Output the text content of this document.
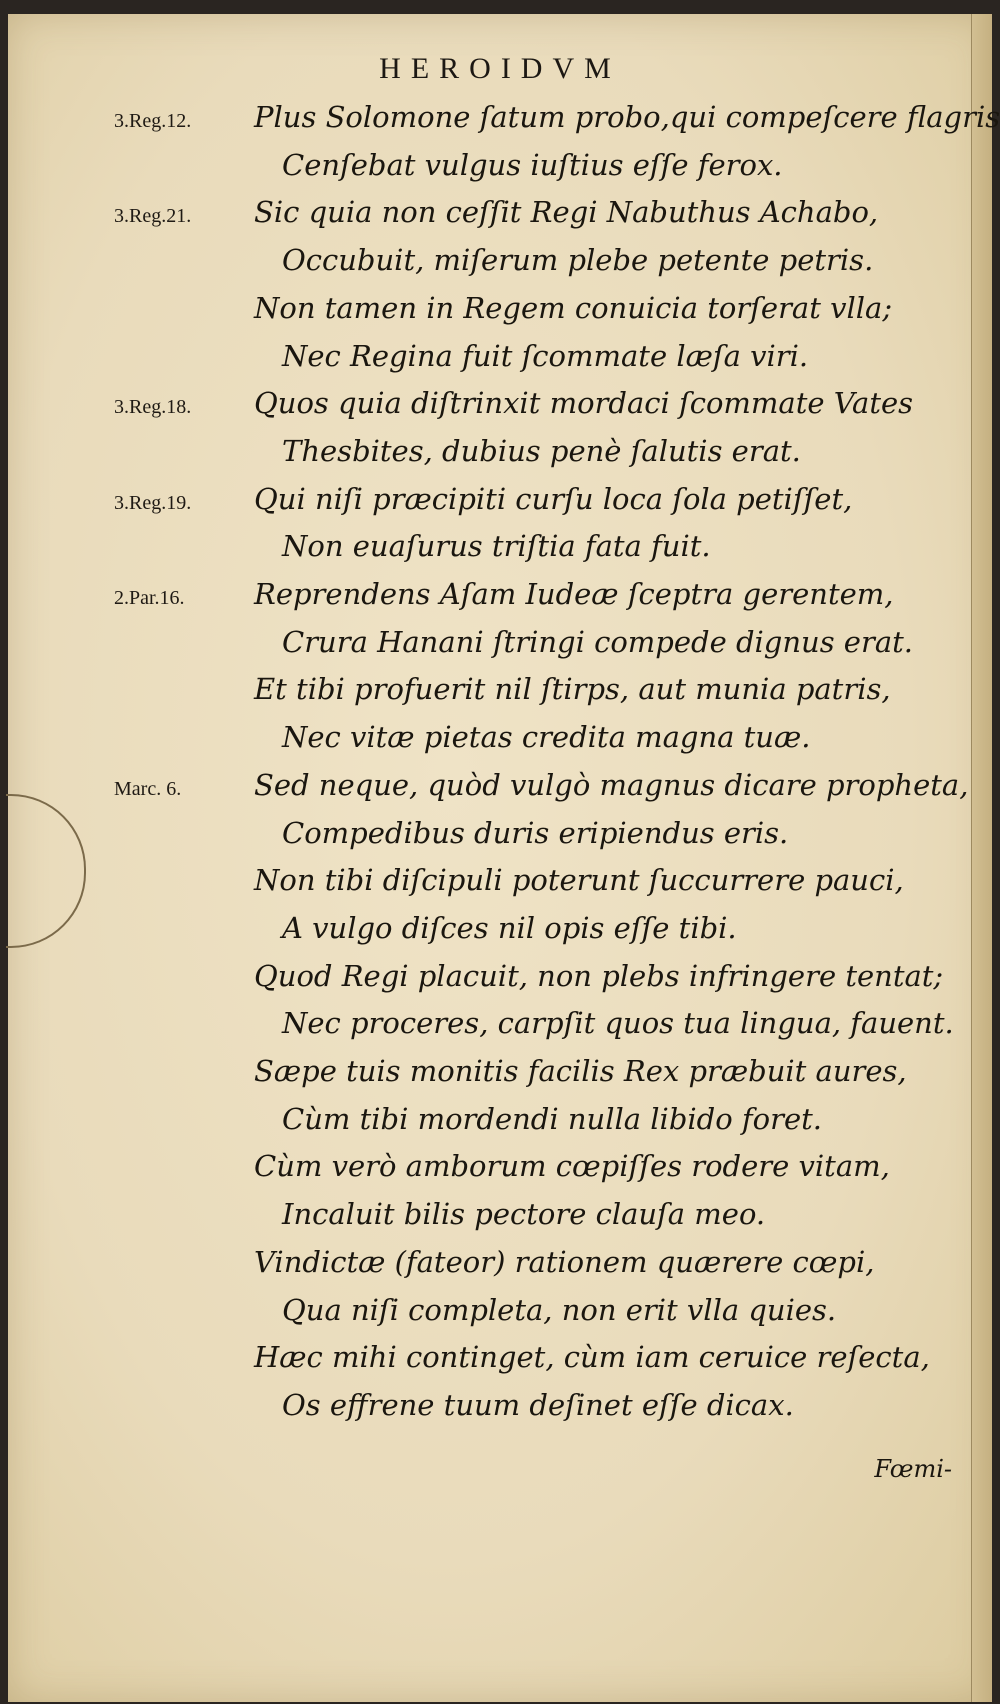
HEROIDVM
3.Reg.12. Plus Solomone ſatum probo,qui compeſcere flagris
Cenſebat vulgus iuſtius eſſe ferox.
3.Reg.21. Sic quia non ceſſit Regi Nabuthus Achabo,
Occubuit, miſerum plebe petente petris.
Non tamen in Regem conuicia torſerat vlla;
Nec Regina fuit ſcommate læſa viri.
3.Reg.18. Quos quia diſtrinxit mordaci ſcommate Vates
Thesbites, dubius penè ſalutis erat.
3.Reg.19. Qui niſi præcipiti curſu loca ſola petiſſet,
Non euaſurus triſtia fata fuit.
2.Par.16. Reprendens Aſam Iudeæ ſceptra gerentem,
Crura Hanani ſtringi compede dignus erat.
Et tibi profuerit nil ſtirps, aut munia patris,
Nec vitæ pietas credita magna tuæ.
Marc. 6.	Sed neque, quòd vulgò magnus dicare propheta,
Compedibus duris eripiendus eris.
Non tibi diſcipuli poterunt ſuccurrere pauci,
A vulgo diſces nil opis eſſe tibi.
Quod Regi placuit, non plebs infringere tentat;
Nec proceres, carpſit quos tua lingua, fauent.
Sæpe tuis monitis facilis Rex præbuit aures,
Cùm tibi mordendi nulla libido foret.
Cùm verò amborum cœpiſſes rodere vitam,
Incaluit bilis pectore clauſa meo.
Vindictæ (fateor) rationem quærere cœpi,
Qua niſi completa, non erit vlla quies.
Hæc mihi continget, cùm iam ceruice reſecta,
Os effrene tuum deſinet eſſe dicax.
Fœmi-
